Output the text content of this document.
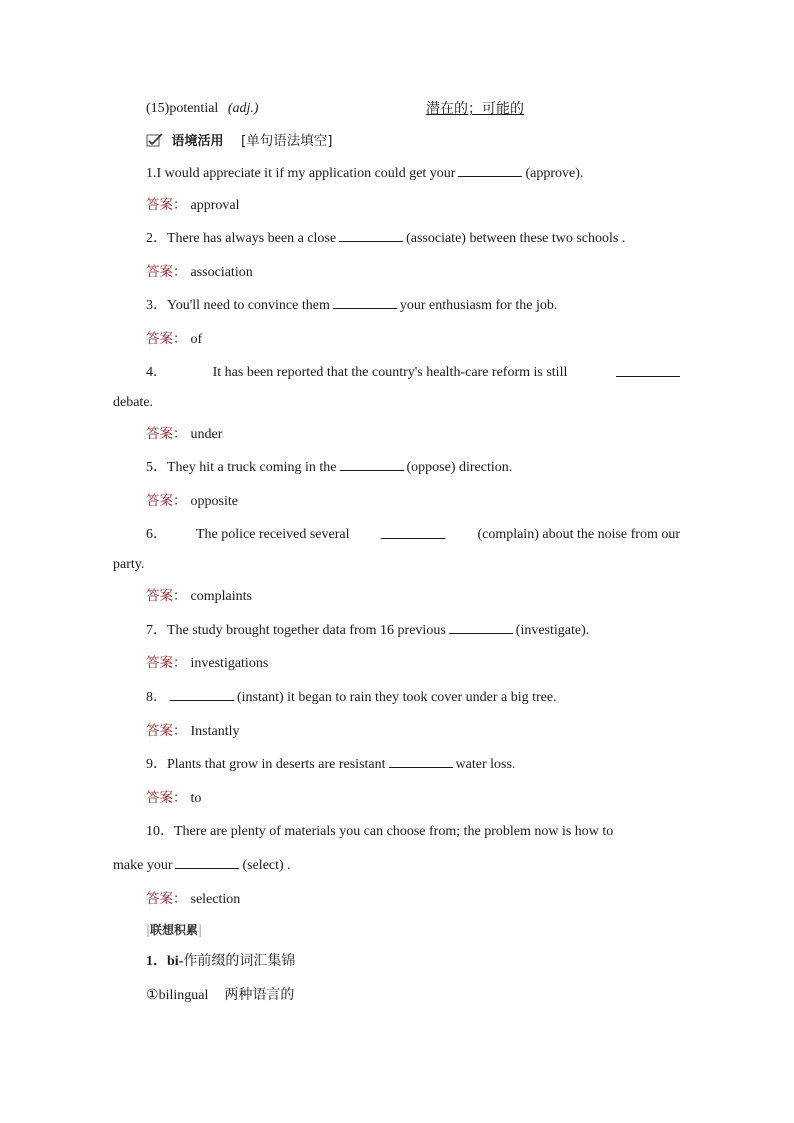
(15)potential (adj.)	潜在的；可能的
语境活用 [单句语法填空]
1.I would appreciate it if my application could get your	(approve).
答案： approval
2．There has always been a close	(associate) between these two schools .
答案： association
3．You'll need to convince them	your enthusiasm for the job.
答案： of
4．	It has been reported that the country's health-care reform is still
debate.
答案： under
5．They hit a truck coming in the	(oppose) direction.
答案： opposite
6． The police received several	(complain) about the noise from our
party.
答案： complaints
7．The study brought together data from 16 previous	(investigate).
答案： investigations
8．	(instant) it began to rain they took cover under a big tree.
答案： Instantly
9．Plants that grow in deserts are resistant	water loss.
答案： to
10．There are plenty of materials you can choose from; the problem now is how to
make your	(select) .
答案： selection
|联想积累|
1．bi-作前缀的词汇集锦
①bilingual 两种语言的
